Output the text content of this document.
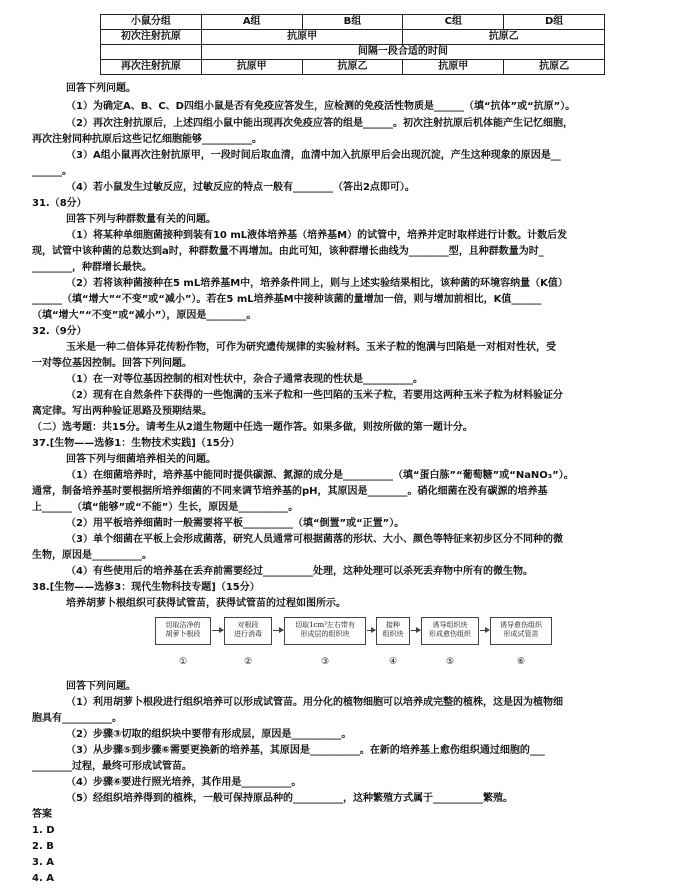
小鼠分组	A组	B组	C组	D组
初次注射抗原	抗原甲		抗原乙	
	间隔一段合适的时间			
再次注射抗原	抗原甲	抗原乙	抗原甲	抗原乙
回答下列问题。
（1）为确定A、B、C、D四组小鼠是否有免疫应答发生，应检测的免疫活性物质是______（填“抗体”或“抗原”）。
（2）再次注射抗原后，上述四组小鼠中能出现再次免疫应答的组是______。初次注射抗原后机体能产生记忆细胞，
再次注射同种抗原后这些记忆细胞能够__________。
（3）A组小鼠再次注射抗原甲，一段时间后取血清，血清中加入抗原甲后会出现沉淀，产生这种现象的原因是__
______。
（4）若小鼠发生过敏反应，过敏反应的特点一般有________（答出2点即可）。
31.（8分）
回答下列与种群数量有关的问题。
（1）将某种单细胞菌接种到装有10 mL液体培养基（培养基M）的试管中，培养并定时取样进行计数。计数后发
现，试管中该种菌的总数达到a时，种群数量不再增加。由此可知，该种群增长曲线为________型，且种群数量为时_
________，种群增长最快。
（2）若将该种菌接种在5 mL培养基M中，培养条件同上，则与上述实验结果相比，该种菌的环境容纳量（K值）
______（填“增大”“不变”或“减小”）。若在5 mL培养基M中接种该菌的量增加一倍，则与增加前相比，K值______
（填“增大”“不变”或“减小”），原因是________。
32.（9分）
玉米是一种二倍体异花传粉作物，可作为研究遗传规律的实验材料。玉米子粒的饱满与凹陷是一对相对性状，受
一对等位基因控制。回答下列问题。
（1）在一对等位基因控制的相对性状中，杂合子通常表现的性状是__________。
（2）现有在自然条件下获得的一些饱满的玉米子粒和一些凹陷的玉米子粒，若要用这两种玉米子粒为材料验证分
离定律。写出两种验证思路及预期结果。
（二）选考题：共15分。请考生从2道生物题中任选一题作答。如果多做，则按所做的第一题计分。
37.[生物——选修1：生物技术实践]（15分）
回答下列与细菌培养相关的问题。
（1）在细菌培养时，培养基中能同时提供碳源、氮源的成分是__________（填“蛋白胨”“葡萄糖”或“NaNO₃”）。
通常，制备培养基时要根据所培养细菌的不同来调节培养基的pH，其原因是________。硝化细菌在没有碳源的培养基
上______（填“能够”或“不能”）生长，原因是__________。
（2）用平板培养细菌时一般需要将平板__________（填“倒置”或“正置”）。
（3）单个细菌在平板上会形成菌落，研究人员通常可根据菌落的形状、大小、颜色等特征来初步区分不同种的微
生物，原因是__________。
（4）有些使用后的培养基在丢弃前需要经过__________处理，这种处理可以杀死丢弃物中所有的微生物。
38.[生物——选修3：现代生物科技专题]（15分）
培养胡萝卜根组织可获得试管苗，获得试管苗的过程如图所示。
切取洁净的
胡萝卜根段
对根段
进行消毒
切取1cm³左右带有
形成层的组织块
接种
组织块
诱导组织块
形成愈伤组织
诱导愈伤组织
形成试管苗
①	②	③	④	⑤	⑥
回答下列问题。
（1）利用胡萝卜根段进行组织培养可以形成试管苗。用分化的植物细胞可以培养成完整的植株，这是因为植物细
胞具有__________。
（2）步骤③切取的组织块中要带有形成层，原因是__________。
（3）从步骤⑤到步骤⑥需要更换新的培养基，其原因是__________。在新的培养基上愈伤组织通过细胞的___
________过程，最终可形成试管苗。
（4）步骤⑥要进行照光培养，其作用是__________。
（5）经组织培养得到的植株，一般可保持原品种的__________，这种繁殖方式属于__________繁殖。
答案
1. D
2. B
3. A
4. A
